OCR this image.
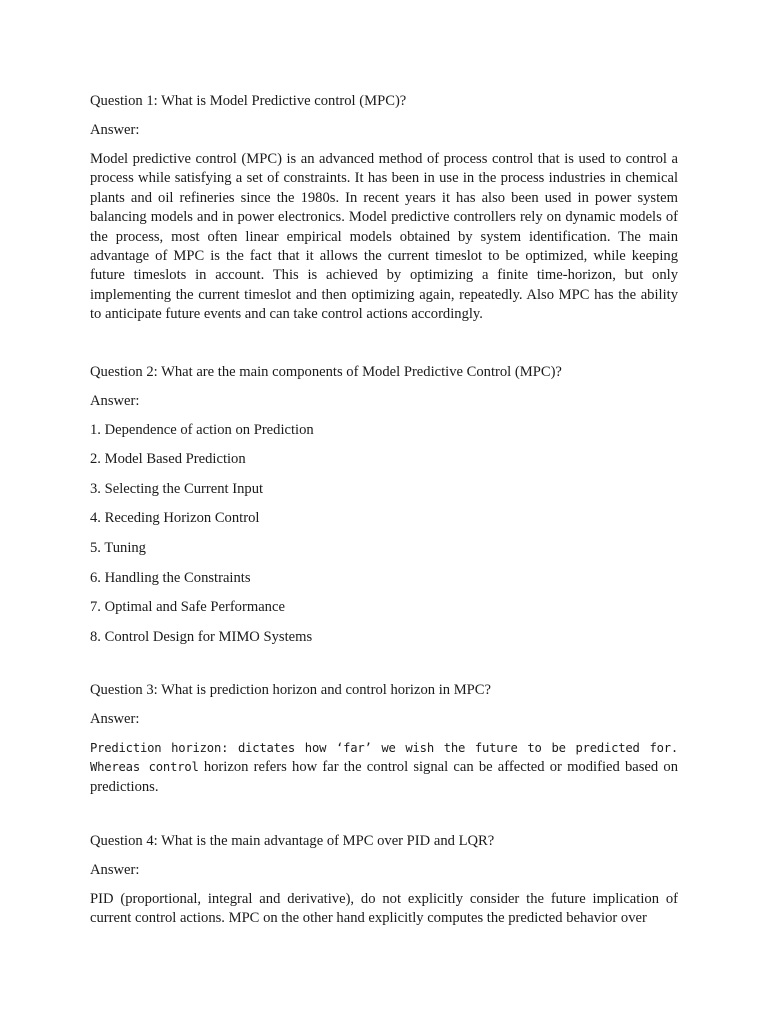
Question 1: What is Model Predictive control (MPC)?

Answer:

Model predictive control (MPC) is an advanced method of process control that is used to control a process while satisfying a set of constraints. It has been in use in the process industries in chemical plants and oil refineries since the 1980s. In recent years it has also been used in power system balancing models and in power electronics. Model predictive controllers rely on dynamic models of the process, most often linear empirical models obtained by system identification. The main advantage of MPC is the fact that it allows the current timeslot to be optimized, while keeping future timeslots in account. This is achieved by optimizing a finite time-horizon, but only implementing the current timeslot and then optimizing again, repeatedly. Also MPC has the ability to anticipate future events and can take control actions accordingly.

Question 2: What are the main components of Model Predictive Control (MPC)?

Answer:

1. Dependence of action on Prediction

2. Model Based Prediction

3. Selecting the Current Input

4. Receding Horizon Control

5. Tuning

6. Handling the Constraints

7. Optimal and Safe Performance

8. Control Design for MIMO Systems

Question 3: What is prediction horizon and control horizon in MPC?

Answer:

Prediction horizon: dictates how ‘far’ we wish the future to be predicted for. Whereas control horizon refers how far the control signal can be affected or modified based on predictions.

Question 4: What is the main advantage of MPC over PID and LQR?

Answer:

PID (proportional, integral and derivative), do not explicitly consider the future implication of current control actions. MPC on the other hand explicitly computes the predicted behavior over
